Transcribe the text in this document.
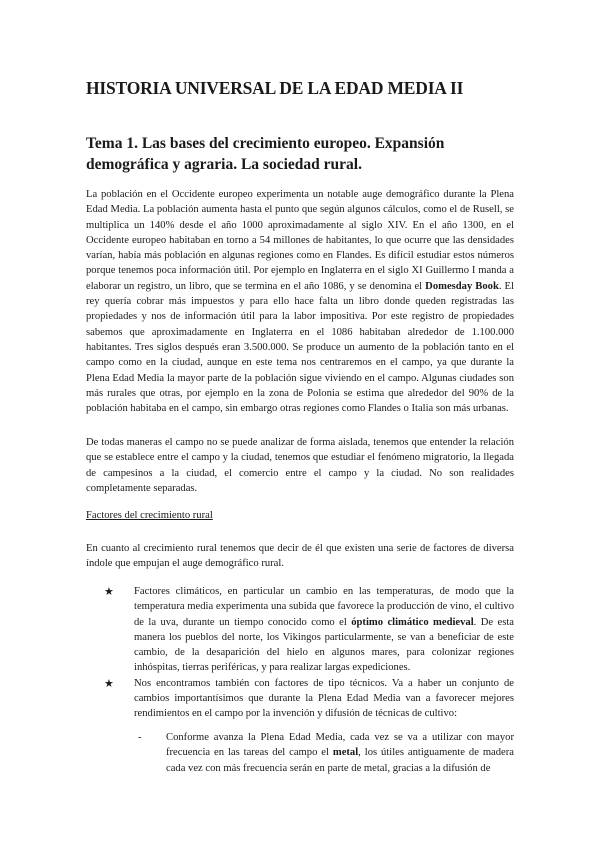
HISTORIA UNIVERSAL DE LA EDAD MEDIA II
Tema 1. Las bases del crecimiento europeo. Expansión demográfica y agraria. La sociedad rural.

La población en el Occidente europeo experimenta un notable auge demográfico durante la Plena Edad Media. La población aumenta hasta el punto que según algunos cálculos, como el de Rusell, se multiplica un 140% desde el año 1000 aproximadamente al siglo XIV. En el año 1300, en el Occidente europeo habitaban en torno a 54 millones de habitantes, lo que ocurre que las densidades varían, había más población en algunas regiones como en Flandes. Es difícil estudiar estos números porque tenemos poca información útil. Por ejemplo en Inglaterra en el siglo XI Guillermo I manda a elaborar un registro, un libro, que se termina en el año 1086, y se denomina el Domesday Book. El rey quería cobrar más impuestos y para ello hace falta un libro donde queden registradas las propiedades y nos de información útil para la labor impositiva. Por este registro de propiedades sabemos que aproximadamente en Inglaterra en el 1086 habitaban alrededor de 1.100.000 habitantes. Tres siglos después eran 3.500.000. Se produce un aumento de la población tanto en el campo como en la ciudad, aunque en este tema nos centraremos en el campo, ya que durante la Plena Edad Media la mayor parte de la población sigue viviendo en el campo. Algunas ciudades son más rurales que otras, por ejemplo en la zona de Polonia se estima que alrededor del 90% de la población habitaba en el campo, sin embargo otras regiones como Flandes o Italia son más urbanas.

De todas maneras el campo no se puede analizar de forma aislada, tenemos que entender la relación que se establece entre el campo y la ciudad, tenemos que estudiar el fenómeno migratorio, la llegada de campesinos a la ciudad, el comercio entre el campo y la ciudad. No son realidades completamente separadas.

Factores del crecimiento rural

En cuanto al crecimiento rural tenemos que decir de él que existen una serie de factores de diversa índole que empujan el auge demográfico rural.

★ Factores climáticos, en particular un cambio en las temperaturas, de modo que la temperatura media experimenta una subida que favorece la producción de vino, el cultivo de la uva, durante un tiempo conocido como el óptimo climático medieval. De esta manera los pueblos del norte, los Vikingos particularmente, se van a beneficiar de este cambio, de la desaparición del hielo en algunos mares, para colonizar regiones inhóspitas, tierras periféricas, y para realizar largas expediciones.
★ Nos encontramos también con factores de tipo técnicos. Va a haber un conjunto de cambios importantísimos que durante la Plena Edad Media van a favorecer mejores rendimientos en el campo por la invención y difusión de técnicas de cultivo:
- Conforme avanza la Plena Edad Media, cada vez se va a utilizar con mayor frecuencia en las tareas del campo el metal, los útiles antiguamente de madera cada vez con más frecuencia serán en parte de metal, gracias a la difusión de
